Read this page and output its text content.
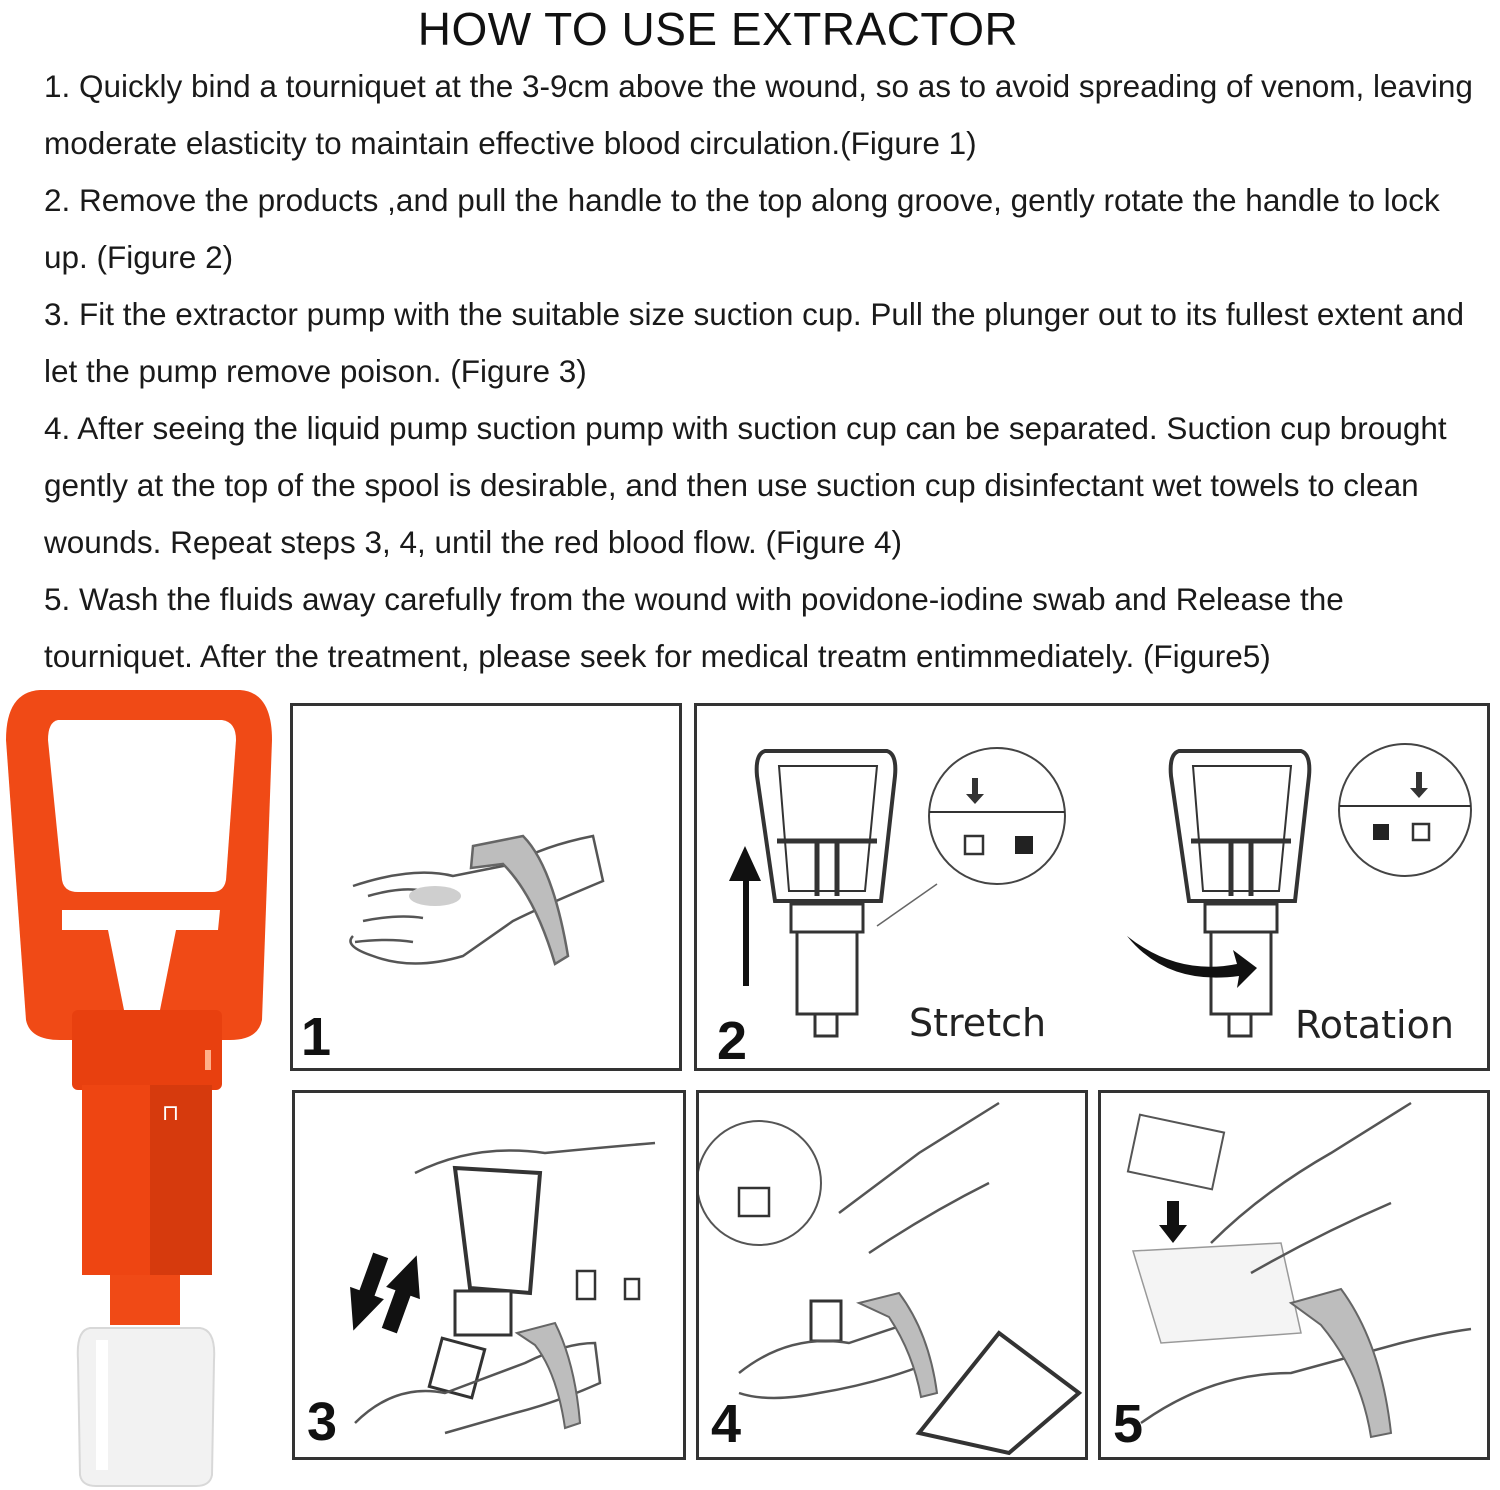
HOW TO USE EXTRACTOR

1. Quickly bind a tourniquet at the 3-9cm above the wound, so as to avoid spreading of venom, leaving moderate elasticity to maintain effective blood circulation.(Figure 1)

2. Remove the products ,and pull the handle to the top along groove, gently rotate the handle to lock up. (Figure 2)

3. Fit the extractor pump with the suitable size suction cup. Pull the plunger out to its fullest extent and let the pump remove poison. (Figure 3)

4. After seeing the liquid pump suction pump with suction cup can be separated. Suction cup brought gently at the top of the spool is desirable, and then use suction cup disinfectant wet towels to clean wounds. Repeat steps 3, 4, until the red blood flow. (Figure 4)

5. Wash the fluids away carefully from the wound with povidone-iodine swab and Release the tourniquet. After the treatment, please seek for medical treatm entimmediately. (Figure5)

⊓
1	2	Stretch	Rotation
3	4	5
